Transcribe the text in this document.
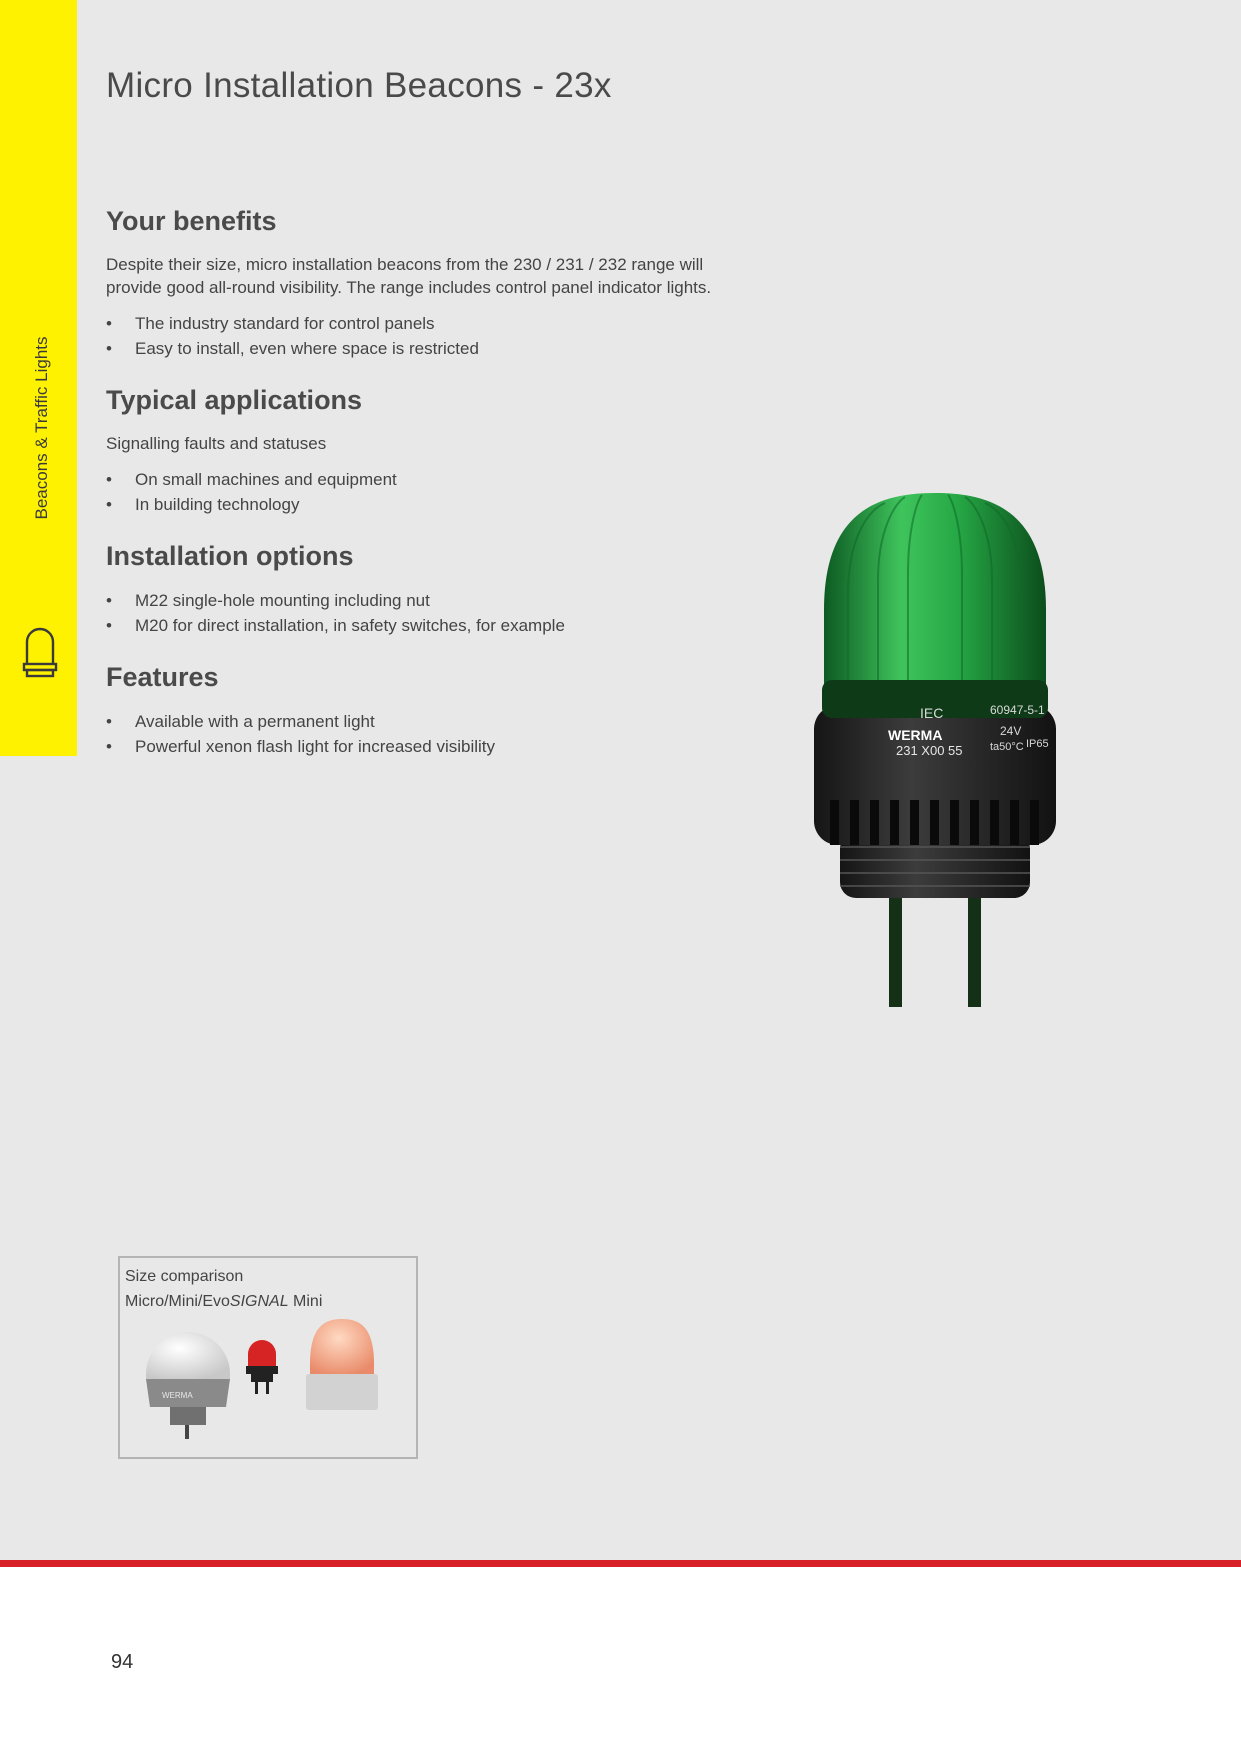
Beacons & Traffic Lights
Micro Installation Beacons - 23x
Your benefits

Despite their size, micro installation beacons from the 230 / 231 / 232 range will
provide good all-round visibility. The range includes control panel indicator lights.

• The industry standard for control panels
• Easy to install, even where space is restricted
Typical applications

Signalling faults and statuses

• On small machines and equipment
• In building technology
Installation options
• M22 single-hole mounting including nut
• M20 for direct installation, in safety switches, for example
Features
• Available with a permanent light
• Powerful xenon flash light for increased visibility
IEC	60947-5-1
WERMA
231 X00 55
24V
ta50°C IP65
Size comparison
Micro/Mini/EvoSIGNAL Mini
WERMA
94
